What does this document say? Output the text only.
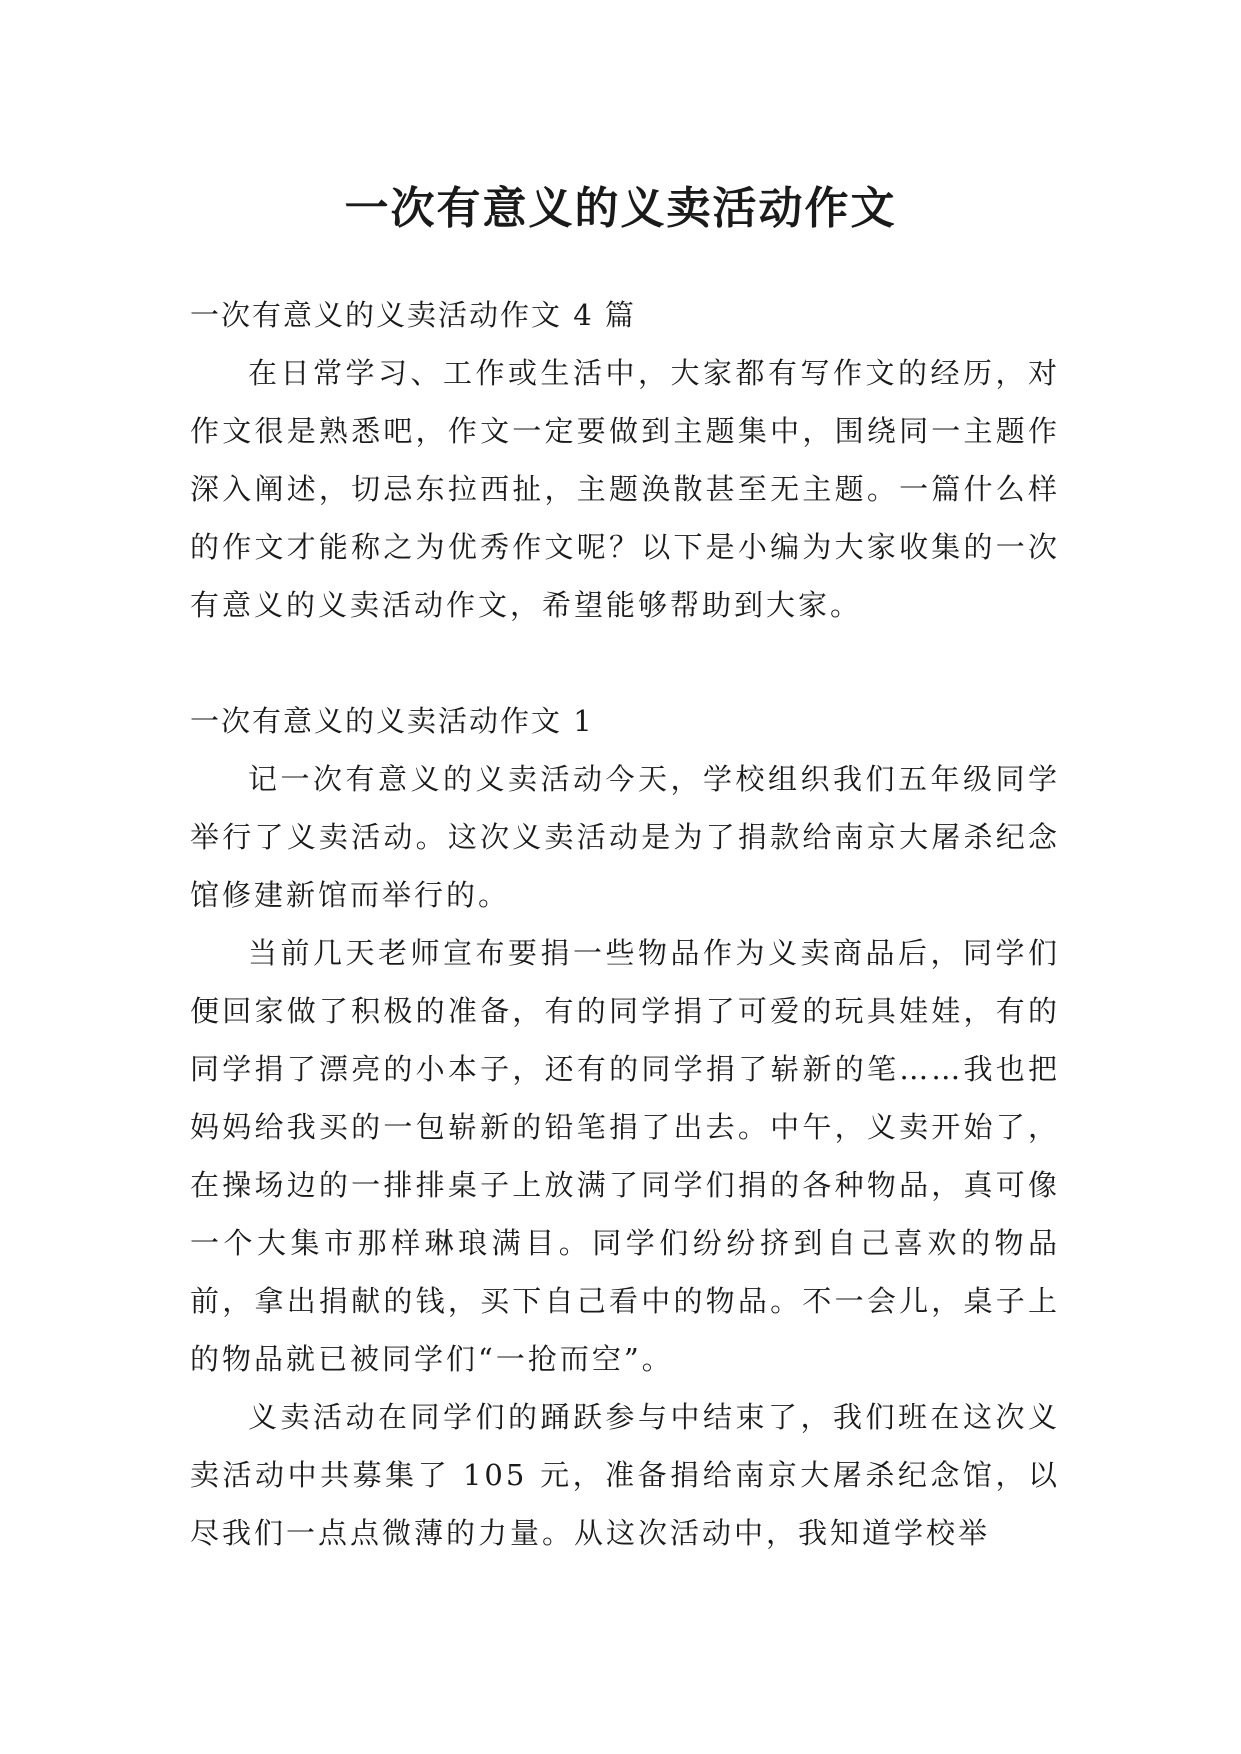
一次有意义的义卖活动作文

一次有意义的义卖活动作文 4 篇

在日常学习、工作或生活中，大家都有写作文的经历，对作文很是熟悉吧，作文一定要做到主题集中，围绕同一主题作深入阐述，切忌东拉西扯，主题涣散甚至无主题。一篇什么样的作文才能称之为优秀作文呢？以下是小编为大家收集的一次有意义的义卖活动作文，希望能够帮助到大家。

一次有意义的义卖活动作文 1

记一次有意义的义卖活动今天，学校组织我们五年级同学举行了义卖活动。这次义卖活动是为了捐款给南京大屠杀纪念馆修建新馆而举行的。

当前几天老师宣布要捐一些物品作为义卖商品后，同学们便回家做了积极的准备，有的同学捐了可爱的玩具娃娃，有的同学捐了漂亮的小本子，还有的同学捐了崭新的笔……我也把妈妈给我买的一包崭新的铅笔捐了出去。中午，义卖开始了，在操场边的一排排桌子上放满了同学们捐的各种物品，真可像一个大集市那样琳琅满目。同学们纷纷挤到自己喜欢的物品前，拿出捐献的钱，买下自己看中的物品。不一会儿，桌子上的物品就已被同学们“一抢而空”。

义卖活动在同学们的踊跃参与中结束了，我们班在这次义卖活动中共募集了 105 元，准备捐给南京大屠杀纪念馆，以尽我们一点点微薄的力量。从这次活动中，我知道学校举
